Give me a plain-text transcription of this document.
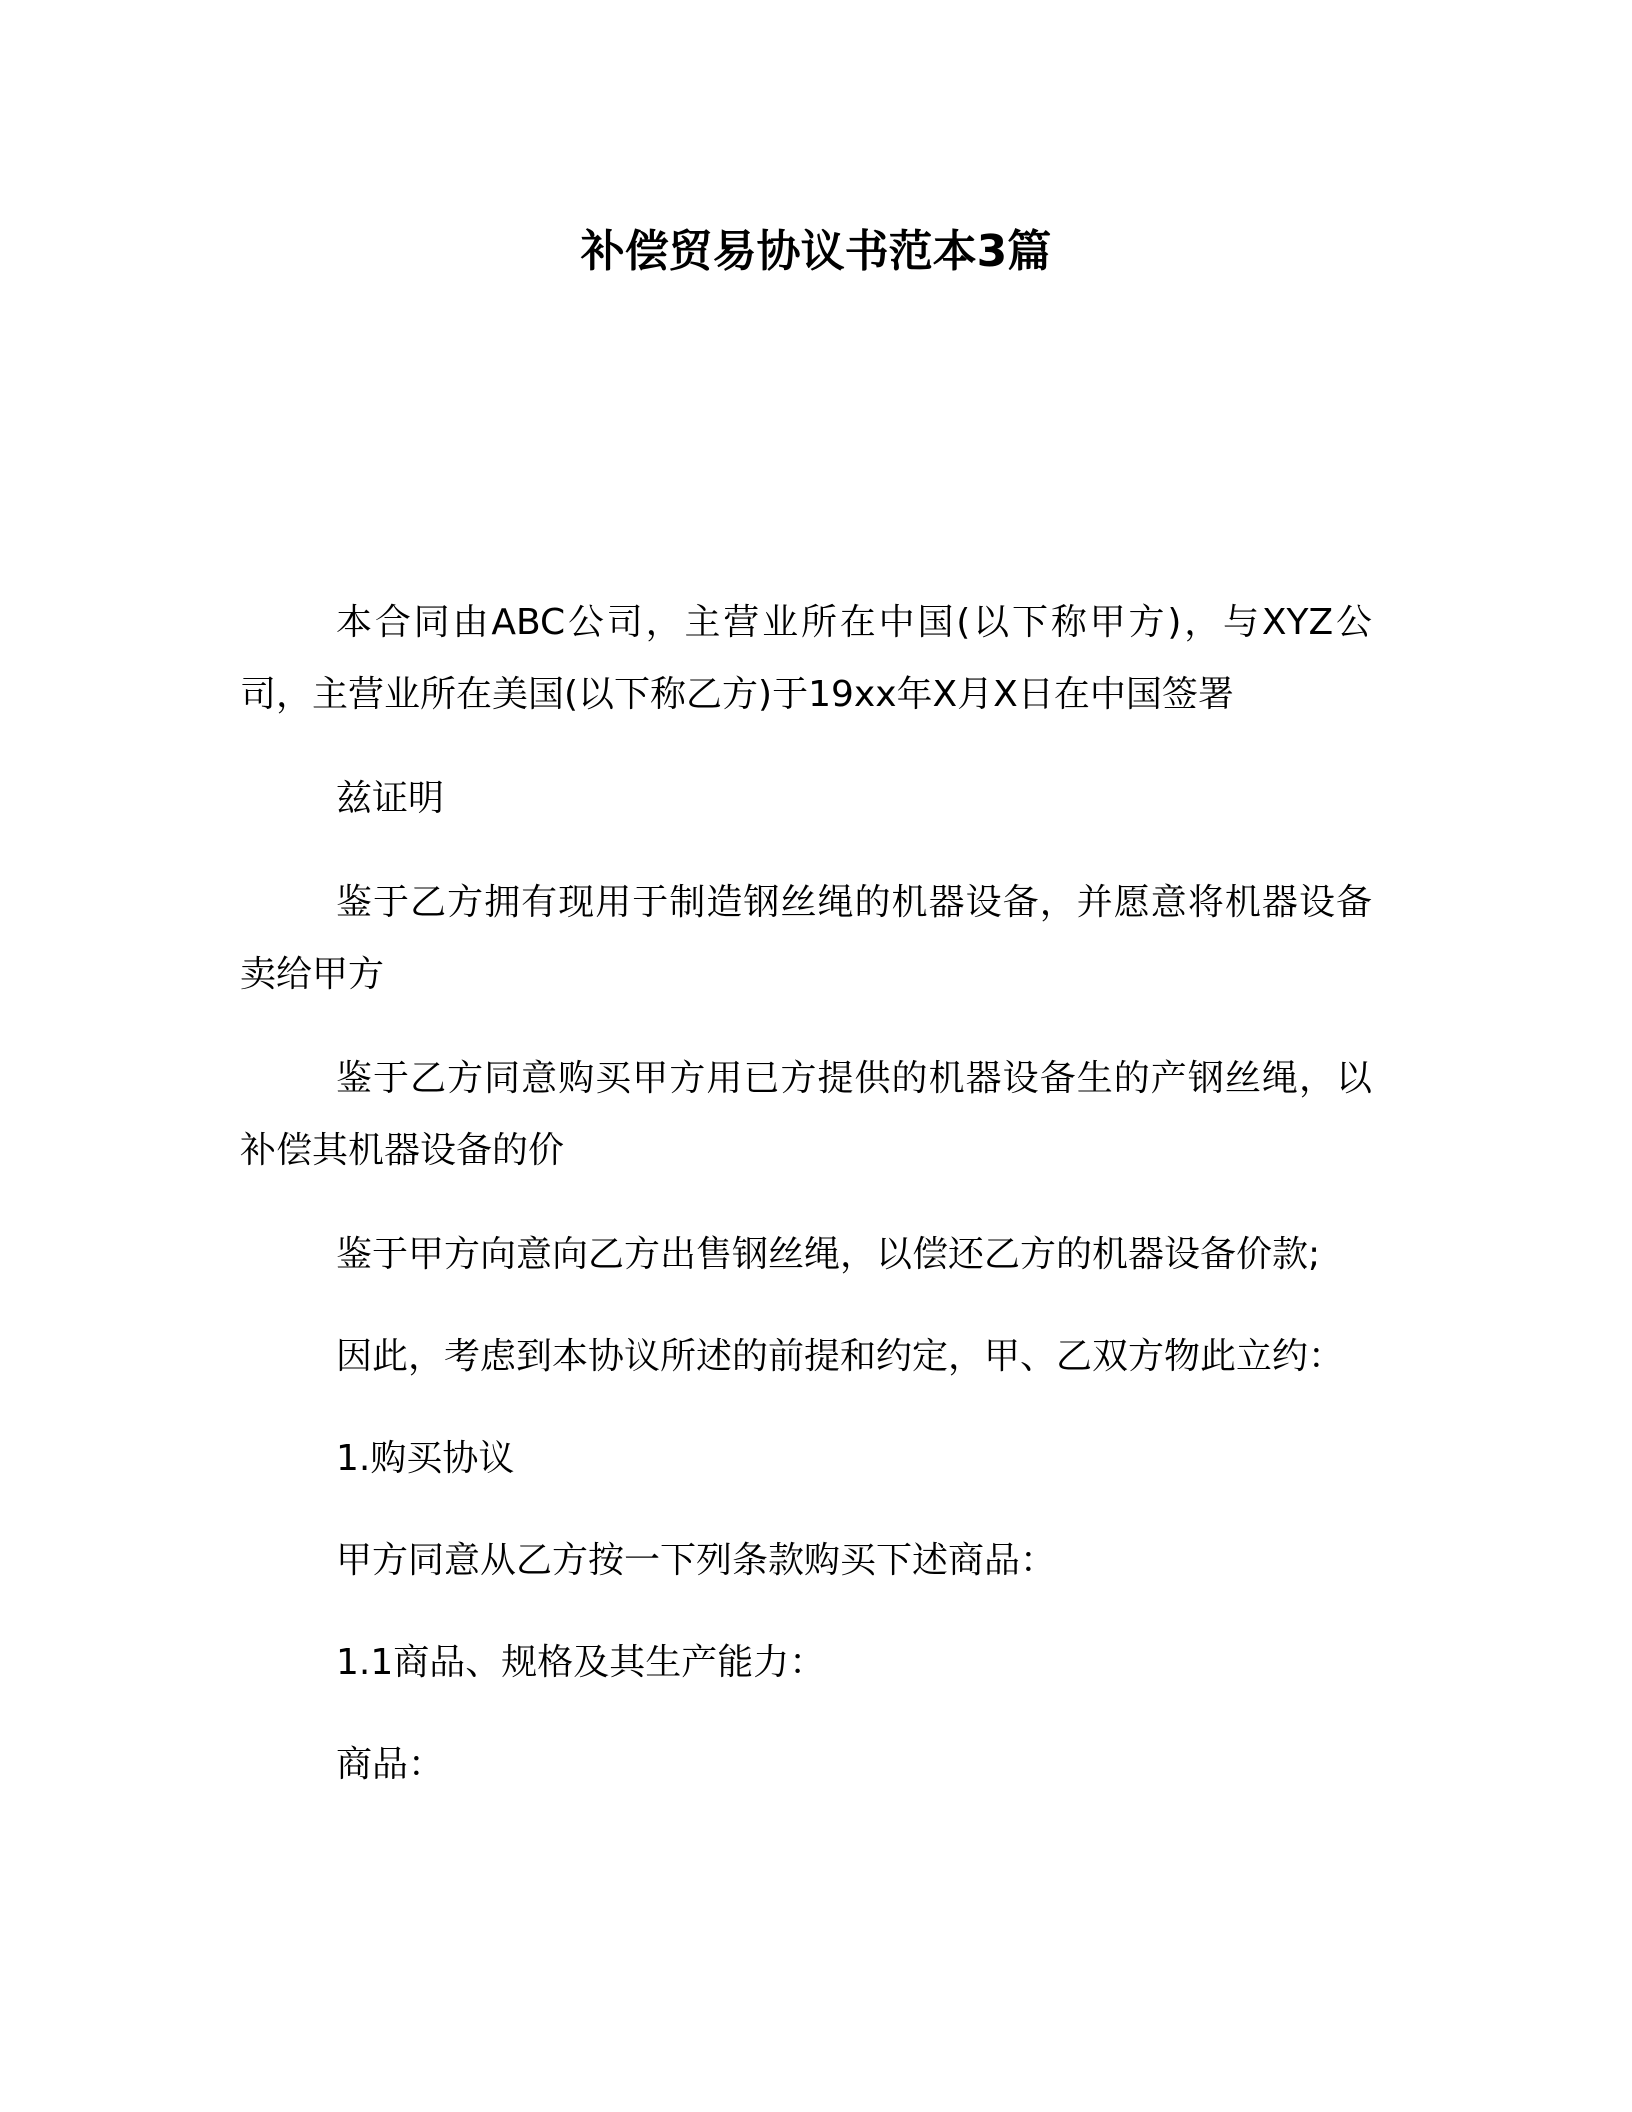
补偿贸易协议书范本3篇

本合同由ABC公司，主营业所在中国(以下称甲方)，与XYZ公司，主营业所在美国(以下称乙方)于19xx年X月X日在中国签署

兹证明

鉴于乙方拥有现用于制造钢丝绳的机器设备，并愿意将机器设备卖给甲方

鉴于乙方同意购买甲方用已方提供的机器设备生的产钢丝绳，以补偿其机器设备的价

鉴于甲方向意向乙方出售钢丝绳，以偿还乙方的机器设备价款;

因此，考虑到本协议所述的前提和约定，甲、乙双方物此立约：

1.购买协议

甲方同意从乙方按一下列条款购买下述商品：

1.1商品、规格及其生产能力：

商品：
